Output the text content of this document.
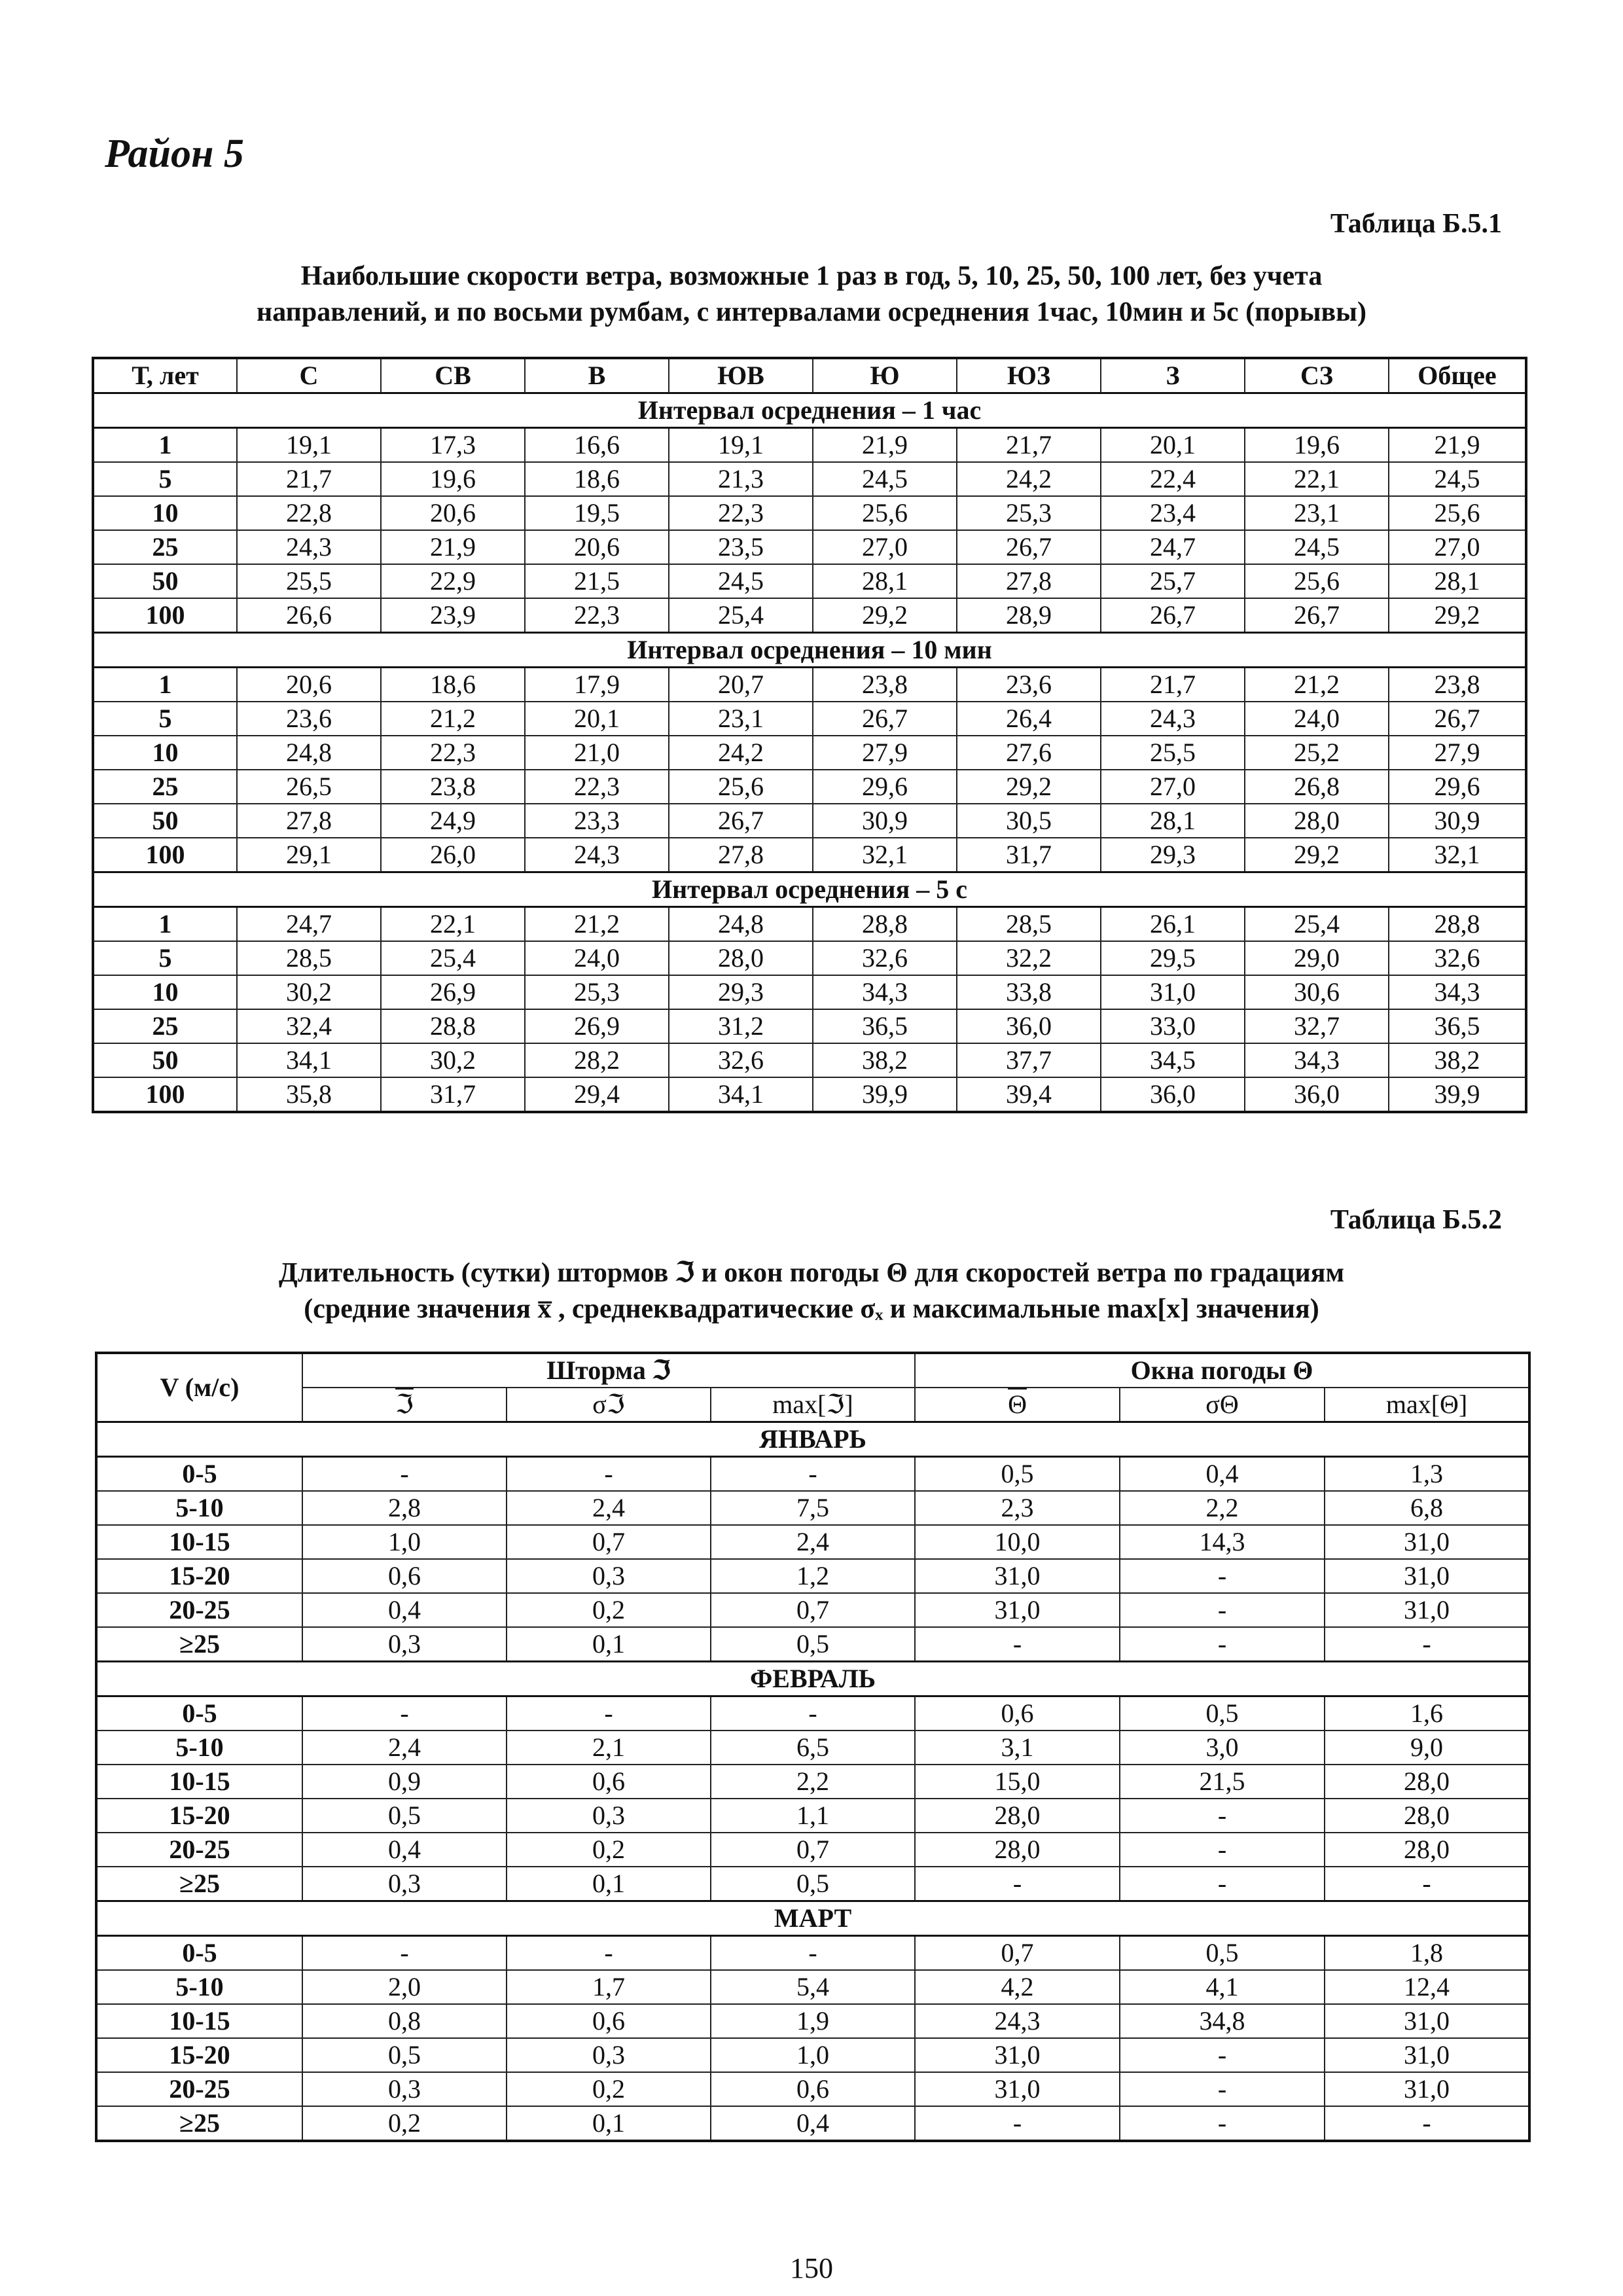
Район 5
Таблица Б.5.1
Наибольшие скорости ветра, возможные 1 раз в год, 5, 10, 25, 50, 100 лет, без учета
направлений, и по восьми румбам, с интервалами осреднения 1час, 10мин и 5с (порывы)
Т, лет	С	СВ	В	ЮВ	Ю	ЮЗ	З	СЗ	Общее
Интервал осреднения – 1 час									
1	19,1	17,3	16,6	19,1	21,9	21,7	20,1	19,6	21,9
5	21,7	19,6	18,6	21,3	24,5	24,2	22,4	22,1	24,5
10	22,8	20,6	19,5	22,3	25,6	25,3	23,4	23,1	25,6
25	24,3	21,9	20,6	23,5	27,0	26,7	24,7	24,5	27,0
50	25,5	22,9	21,5	24,5	28,1	27,8	25,7	25,6	28,1
100	26,6	23,9	22,3	25,4	29,2	28,9	26,7	26,7	29,2
Интервал осреднения – 10 мин									
1	20,6	18,6	17,9	20,7	23,8	23,6	21,7	21,2	23,8
5	23,6	21,2	20,1	23,1	26,7	26,4	24,3	24,0	26,7
10	24,8	22,3	21,0	24,2	27,9	27,6	25,5	25,2	27,9
25	26,5	23,8	22,3	25,6	29,6	29,2	27,0	26,8	29,6
50	27,8	24,9	23,3	26,7	30,9	30,5	28,1	28,0	30,9
100	29,1	26,0	24,3	27,8	32,1	31,7	29,3	29,2	32,1
Интервал осреднения – 5 с									
1	24,7	22,1	21,2	24,8	28,8	28,5	26,1	25,4	28,8
5	28,5	25,4	24,0	28,0	32,6	32,2	29,5	29,0	32,6
10	30,2	26,9	25,3	29,3	34,3	33,8	31,0	30,6	34,3
25	32,4	28,8	26,9	31,2	36,5	36,0	33,0	32,7	36,5
50	34,1	30,2	28,2	32,6	38,2	37,7	34,5	34,3	38,2
100	35,8	31,7	29,4	34,1	39,9	39,4	36,0	36,0	39,9
Таблица Б.5.2
Длительность (сутки) штормов ℑ и окон погоды Θ для скоростей ветра по градациям
(средние значения x̅ , среднеквадратические σₓ и максимальные max[x] значения)
V (м/с)	Шторма ℑ			Окна погоды Θ		
	ℑ	σℑ	max[ℑ]	$\overline{\Theta}$	σΘ	max[Θ]
ЯНВАРЬ						
0-5	-	-	-	0,5	0,4	1,3
5-10	2,8	2,4	7,5	2,3	2,2	6,8
10-15	1,0	0,7	2,4	10,0	14,3	31,0
15-20	0,6	0,3	1,2	31,0	-	31,0
20-25	0,4	0,2	0,7	31,0	-	31,0
≥25	0,3	0,1	0,5	-	-	-
ФЕВРАЛЬ						
0-5	-	-	-	0,6	0,5	1,6
5-10	2,4	2,1	6,5	3,1	3,0	9,0
10-15	0,9	0,6	2,2	15,0	21,5	28,0
15-20	0,5	0,3	1,1	28,0	-	28,0
20-25	0,4	0,2	0,7	28,0	-	28,0
≥25	0,3	0,1	0,5	-	-	-
МАРТ						
0-5	-	-	-	0,7	0,5	1,8
5-10	2,0	1,7	5,4	4,2	4,1	12,4
10-15	0,8	0,6	1,9	24,3	34,8	31,0
15-20	0,5	0,3	1,0	31,0	-	31,0
20-25	0,3	0,2	0,6	31,0	-	31,0
≥25	0,2	0,1	0,4	-	-	-
150
